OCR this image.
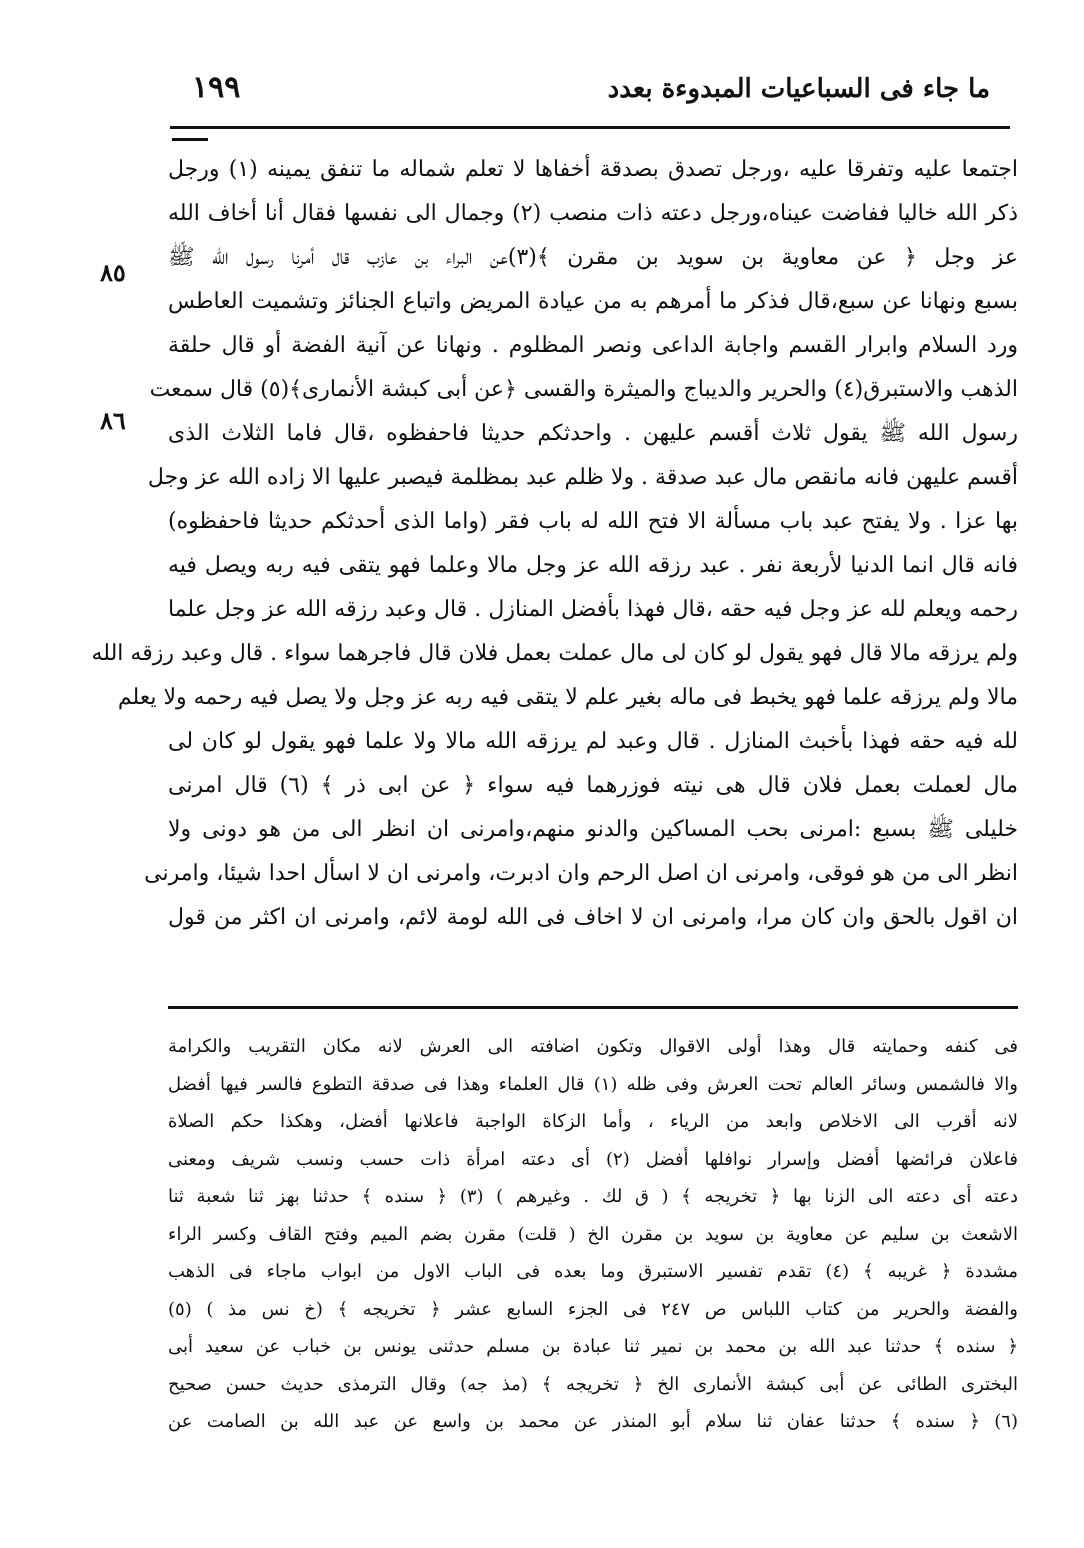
١٩٩	ما جاء فى السباعيات المبدوءة بعدد
٨٥
٨٦
اجتمعا عليه وتفرقا عليه ،ورجل تصدق بصدقة أخفاها لا تعلم شماله ما تنفق يمينه (١) ورجل
ذكر الله خاليا ففاضت عيناه،ورجل دعته ذات منصب (٢) وجمال الى نفسها فقال أنا أخاف الله
عز وجل ﴿ عن معاوية بن سويد بن مقرن ﴾(٣)عن البراء بن عازب قال أمرنا رسول الله ﷺ
بسبع ونهانا عن سبع،قال فذكر ما أمرهم به من عيادة المريض واتباع الجنائز وتشميت العاطس
ورد السلام وابرار القسم واجابة الداعى ونصر المظلوم . ونهانا عن آنية الفضة أو قال حلقة
الذهب والاستبرق(٤) والحرير والديباج والميثرة والقسى ﴿عن أبى كبشة الأنمارى﴾(٥) قال سمعت
رسول الله ﷺ يقول ثلاث أقسم عليهن . واحدثكم حديثا فاحفظوه ،قال فاما الثلاث الذى
أقسم عليهن فانه مانقص مال عبد صدقة . ولا ظلم عبد بمظلمة فيصبر عليها الا زاده الله عز وجل
بها عزا . ولا يفتح عبد باب مسألة الا فتح الله له باب فقر (واما الذى أحدثكم حديثا فاحفظوه)
فانه قال انما الدنيا لأربعة نفر . عبد رزقه الله عز وجل مالا وعلما فهو يتقى فيه ربه ويصل فيه
رحمه ويعلم لله عز وجل فيه حقه ،قال فهذا بأفضل المنازل . قال وعبد رزقه الله عز وجل علما
ولم يرزقه مالا قال فهو يقول لو كان لى مال عملت بعمل فلان قال فاجرهما سواء . قال وعبد رزقه الله
مالا ولم يرزقه علما فهو يخبط فى ماله بغير علم لا يتقى فيه ربه عز وجل ولا يصل فيه رحمه ولا يعلم
لله فيه حقه فهذا بأخبث المنازل . قال وعبد لم يرزقه الله مالا ولا علما فهو يقول لو كان لى
مال لعملت بعمل فلان قال هى نيته فوزرهما فيه سواء ﴿ عن ابى ذر ﴾ (٦) قال امرنى
خليلى ﷺ بسبع :امرنى بحب المساكين والدنو منهم،وامرنى ان انظر الى من هو دونى ولا
انظر الى من هو فوقى، وامرنى ان اصل الرحم وان ادبرت، وامرنى ان لا اسأل احدا شيئا، وامرنى
ان اقول بالحق وان كان مرا، وامرنى ان لا اخاف فى الله لومة لائم، وامرنى ان اكثر من قول
فى كنفه وحمايته قال وهذا أولى الاقوال وتكون اضافته الى العرش لانه مكان التقريب والكرامة
والا فالشمس وسائر العالم تحت العرش وفى ظله (١) قال العلماء وهذا فى صدقة التطوع فالسر فيها أفضل
لانه أقرب الى الاخلاص وابعد من الرياء ، وأما الزكاة الواجبة فاعلانها أفضل، وهكذا حكم الصلاة
فاعلان فرائضها أفضل وإسرار نوافلها أفضل (٢) أى دعته امرأة ذات حسب ونسب شريف ومعنى
دعته أى دعته الى الزنا بها ﴿ تخريجه ﴾ ( ق لك . وغيرهم ) (٣) ﴿ سنده ﴾ حدثنا بهز ثنا شعبة ثنا
الاشعث بن سليم عن معاوية بن سويد بن مقرن الخ ( قلت) مقرن بضم الميم وفتح القاف وكسر الراء
مشددة ﴿ غريبه ﴾ (٤) تقدم تفسير الاستبرق وما بعده فى الباب الاول من ابواب ماجاء فى الذهب
والفضة والحرير من كتاب اللباس ص ٢٤٧ فى الجزء السابع عشر ﴿ تخريجه ﴾ (خ نس مذ ) (٥)
﴿ سنده ﴾ حدثنا عبد الله بن محمد بن نمير ثنا عبادة بن مسلم حدثنى يونس بن خباب عن سعيد أبى
البخترى الطائى عن أبى كبشة الأنمارى الخ ﴿ تخريجه ﴾ (مذ جه) وقال الترمذى حديث حسن صحيح
(٦) ﴿ سنده ﴾ حدثنا عفان ثنا سلام أبو المنذر عن محمد بن واسع عن عبد الله بن الصامت عن
